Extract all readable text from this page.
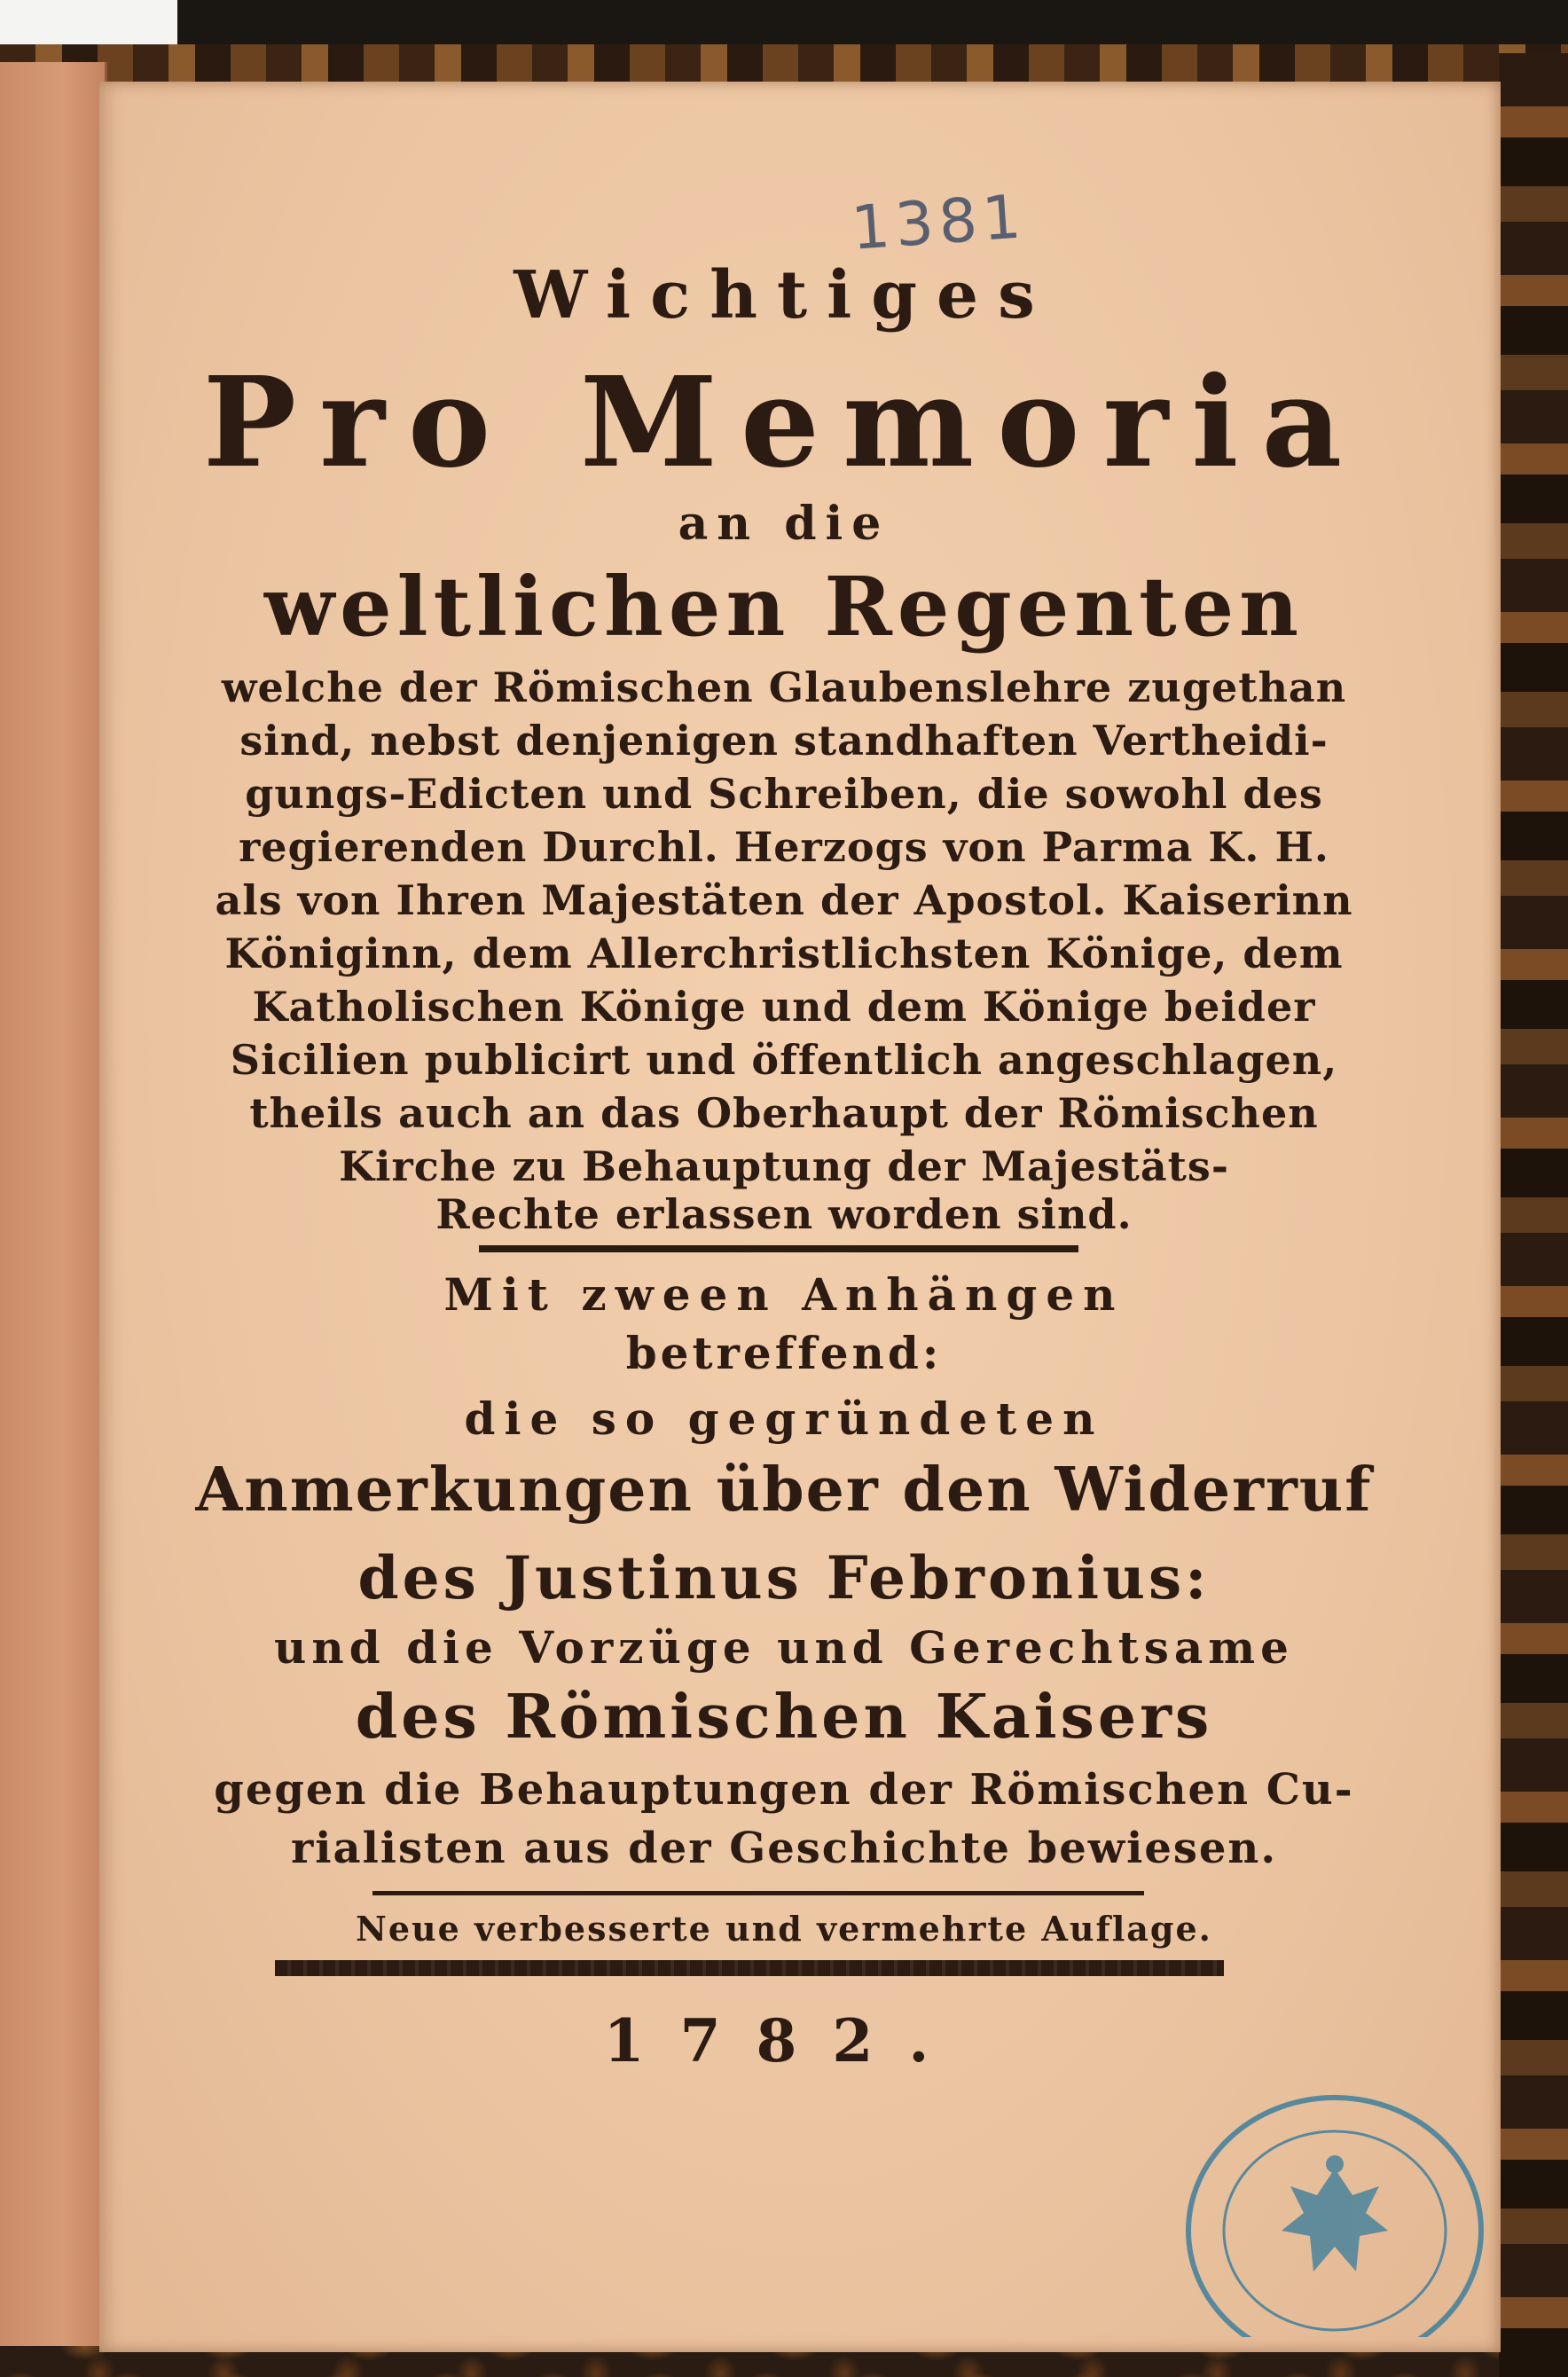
1381
Wichtiges
Pro Memoria
an die
weltlichen Regenten
welche der Römischen Glaubenslehre zugethan
sind, nebst denjenigen standhaften Vertheidi-
gungs-Edicten und Schreiben, die sowohl des
regierenden Durchl. Herzogs von Parma K. H.
als von Ihren Majestäten der Apostol. Kaiserinn
Königinn, dem Allerchristlichsten Könige, dem
Katholischen Könige und dem Könige beider
Sicilien publicirt und öffentlich angeschlagen,
theils auch an das Oberhaupt der Römischen
Kirche zu Behauptung der Majestäts-
Rechte erlassen worden sind.
Mit zween Anhängen
betreffend:
die so gegründeten
Anmerkungen über den Widerruf
des Justinus Febronius:
und die Vorzüge und Gerechtsame
des Römischen Kaisers
gegen die Behauptungen der Römischen Cu-
rialisten aus der Geschichte bewiesen.
Neue verbesserte und vermehrte Auflage.
1782.
